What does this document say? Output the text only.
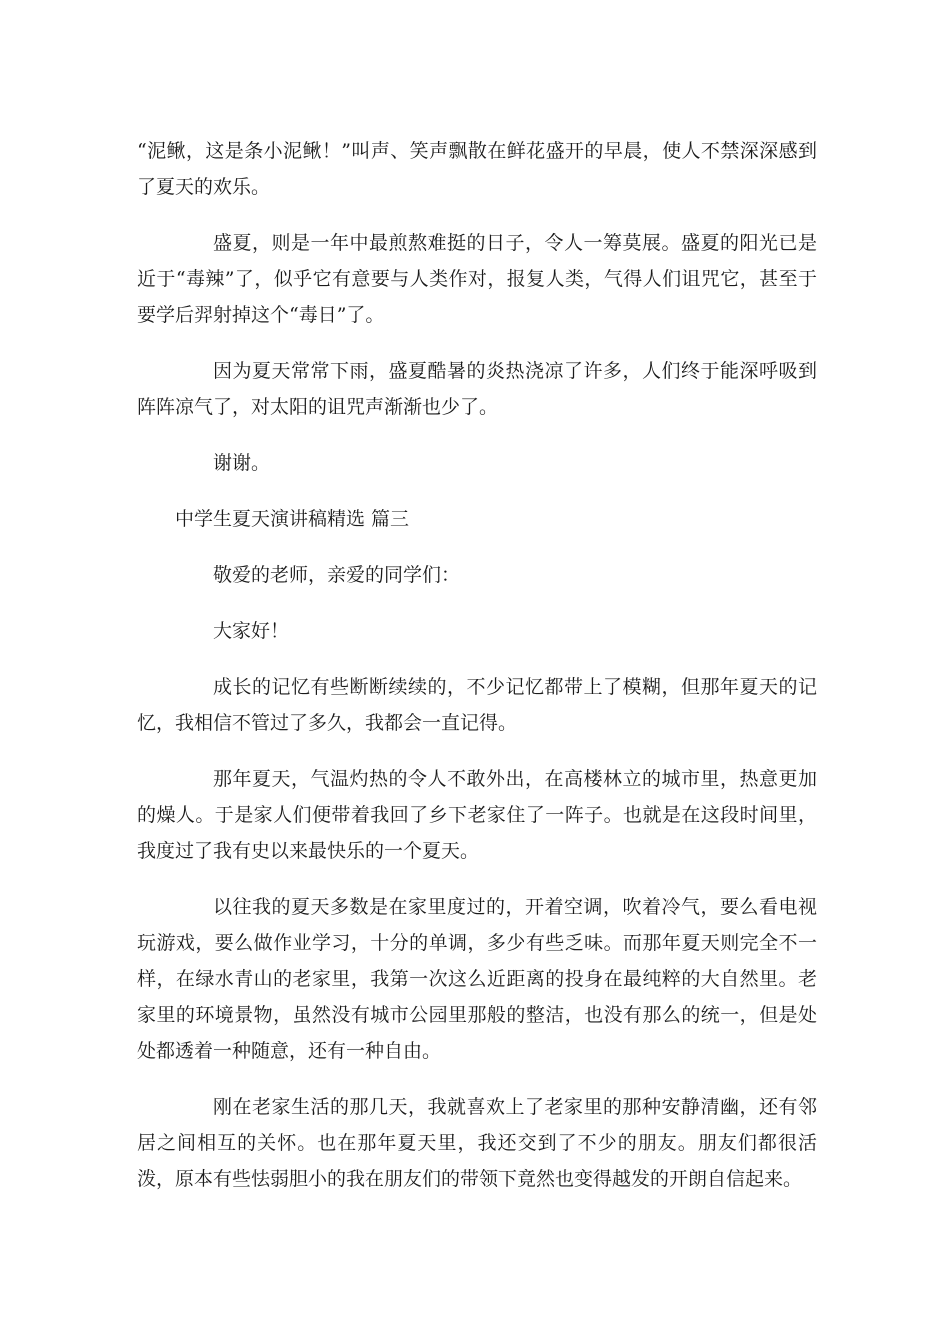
“泥鳅，这是条小泥鳅！”叫声、笑声飘散在鲜花盛开的早晨，使人不禁深深感到了夏天的欢乐。

盛夏，则是一年中最煎熬难挺的日子，令人一筹莫展。盛夏的阳光已是近于“毒辣”了，似乎它有意要与人类作对，报复人类，气得人们诅咒它，甚至于要学后羿射掉这个“毒日”了。

因为夏天常常下雨，盛夏酷暑的炎热浇凉了许多，人们终于能深呼吸到阵阵凉气了，对太阳的诅咒声渐渐也少了。

谢谢。

中学生夏天演讲稿精选 篇三

敬爱的老师，亲爱的同学们：

大家好！

成长的记忆有些断断续续的，不少记忆都带上了模糊，但那年夏天的记忆，我相信不管过了多久，我都会一直记得。

那年夏天，气温灼热的令人不敢外出，在高楼林立的城市里，热意更加的燥人。于是家人们便带着我回了乡下老家住了一阵子。也就是在这段时间里，我度过了我有史以来最快乐的一个夏天。

以往我的夏天多数是在家里度过的，开着空调，吹着冷气，要么看电视玩游戏，要么做作业学习，十分的单调，多少有些乏味。而那年夏天则完全不一样，在绿水青山的老家里，我第一次这么近距离的投身在最纯粹的大自然里。老家里的环境景物，虽然没有城市公园里那般的整洁，也没有那么的统一，但是处处都透着一种随意，还有一种自由。

刚在老家生活的那几天，我就喜欢上了老家里的那种安静清幽，还有邻居之间相互的关怀。也在那年夏天里，我还交到了不少的朋友。朋友们都很活泼，原本有些怯弱胆小的我在朋友们的带领下竟然也变得越发的开朗自信起来。
